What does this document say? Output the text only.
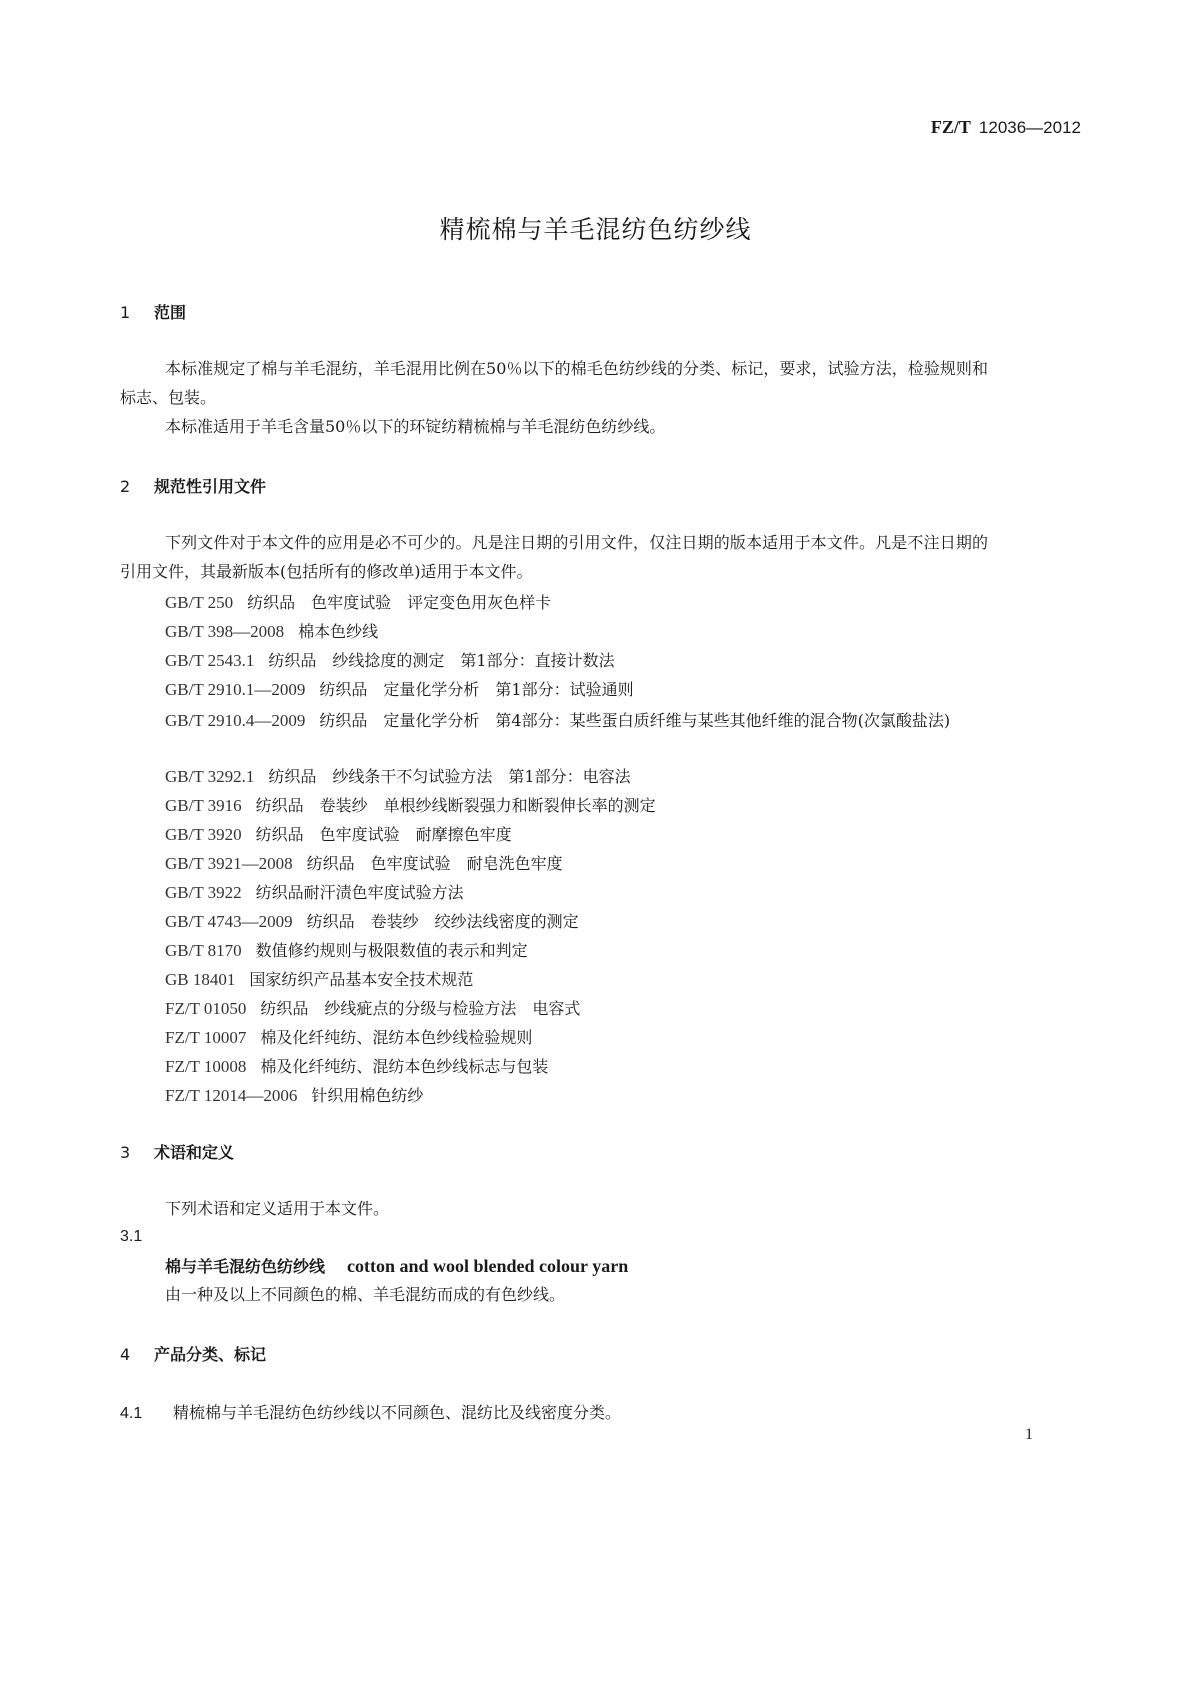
FZ/T 12036—2012
精梳棉与羊毛混纺色纺纱线
1 范围
本标准规定了棉与羊毛混纺，羊毛混用比例在50％以下的棉毛色纺纱线的分类、标记，要求，试验方法，检验规则和标志、包装。
本标准适用于羊毛含量50％以下的环锭纺精梳棉与羊毛混纺色纺纱线。
2 规范性引用文件
下列文件对于本文件的应用是必不可少的。凡是注日期的引用文件，仅注日期的版本适用于本文件。凡是不注日期的引用文件，其最新版本(包括所有的修改单)适用于本文件。
GB/T 250 纺织品　色牢度试验　评定变色用灰色样卡
GB/T 398—2008 棉本色纱线
GB/T 2543.1 纺织品　纱线捻度的测定　第1部分：直接计数法
GB/T 2910.1—2009 纺织品　定量化学分析　第1部分：试验通则
GB/T 2910.4—2009 纺织品　定量化学分析　第4部分：某些蛋白质纤维与某些其他纤维的混合物(次氯酸盐法)
GB/T 3292.1 纺织品　纱线条干不匀试验方法　第1部分：电容法
GB/T 3916 纺织品　卷装纱　单根纱线断裂强力和断裂伸长率的测定
GB/T 3920 纺织品　色牢度试验　耐摩擦色牢度
GB/T 3921—2008 纺织品　色牢度试验　耐皂洗色牢度
GB/T 3922 纺织品耐汗渍色牢度试验方法
GB/T 4743—2009 纺织品　卷装纱　绞纱法线密度的测定
GB/T 8170 数值修约规则与极限数值的表示和判定
GB 18401 国家纺织产品基本安全技术规范
FZ/T 01050 纺织品　纱线疵点的分级与检验方法　电容式
FZ/T 10007 棉及化纤纯纺、混纺本色纱线检验规则
FZ/T 10008 棉及化纤纯纺、混纺本色纱线标志与包装
FZ/T 12014—2006 针织用棉色纺纱
3 术语和定义
下列术语和定义适用于本文件。
3.1
棉与羊毛混纺色纺纱线 cotton and wool blended colour yarn
由一种及以上不同颜色的棉、羊毛混纺而成的有色纱线。
4 产品分类、标记
4.1 精梳棉与羊毛混纺色纺纱线以不同颜色、混纺比及线密度分类。
1
